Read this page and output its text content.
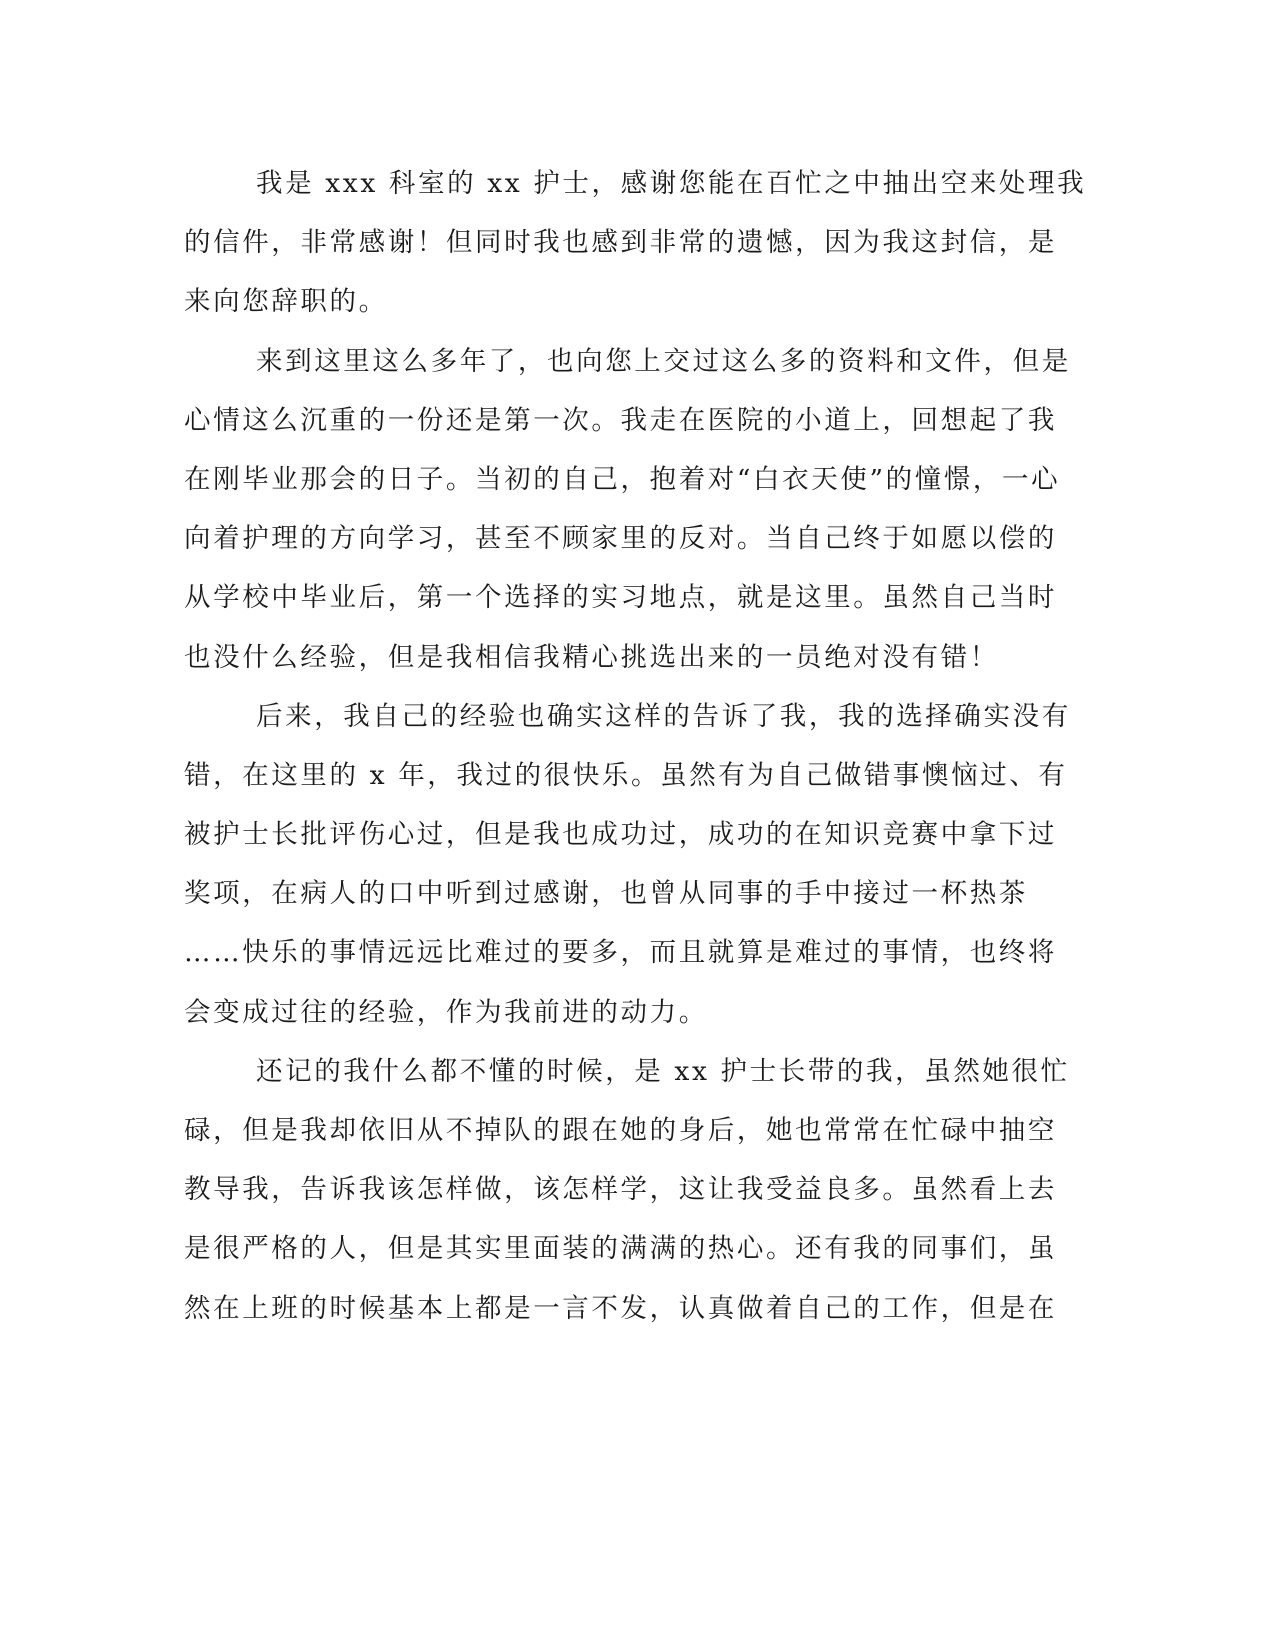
我是 xxx 科室的 xx 护士，感谢您能在百忙之中抽出空来处理我
的信件，非常感谢！但同时我也感到非常的遗憾，因为我这封信，是
来向您辞职的。
来到这里这么多年了，也向您上交过这么多的资料和文件，但是
心情这么沉重的一份还是第一次。我走在医院的小道上，回想起了我
在刚毕业那会的日子。当初的自己，抱着对“白衣天使”的憧憬，一心
向着护理的方向学习，甚至不顾家里的反对。当自己终于如愿以偿的
从学校中毕业后，第一个选择的实习地点，就是这里。虽然自己当时
也没什么经验，但是我相信我精心挑选出来的一员绝对没有错！
后来，我自己的经验也确实这样的告诉了我，我的选择确实没有
错，在这里的 x 年，我过的很快乐。虽然有为自己做错事懊恼过、有
被护士长批评伤心过，但是我也成功过，成功的在知识竞赛中拿下过
奖项，在病人的口中听到过感谢，也曾从同事的手中接过一杯热茶
……快乐的事情远远比难过的要多，而且就算是难过的事情，也终将
会变成过往的经验，作为我前进的动力。
还记的我什么都不懂的时候，是 xx 护士长带的我，虽然她很忙
碌，但是我却依旧从不掉队的跟在她的身后，她也常常在忙碌中抽空
教导我，告诉我该怎样做，该怎样学，这让我受益良多。虽然看上去
是很严格的人，但是其实里面装的满满的热心。还有我的同事们，虽
然在上班的时候基本上都是一言不发，认真做着自己的工作，但是在
